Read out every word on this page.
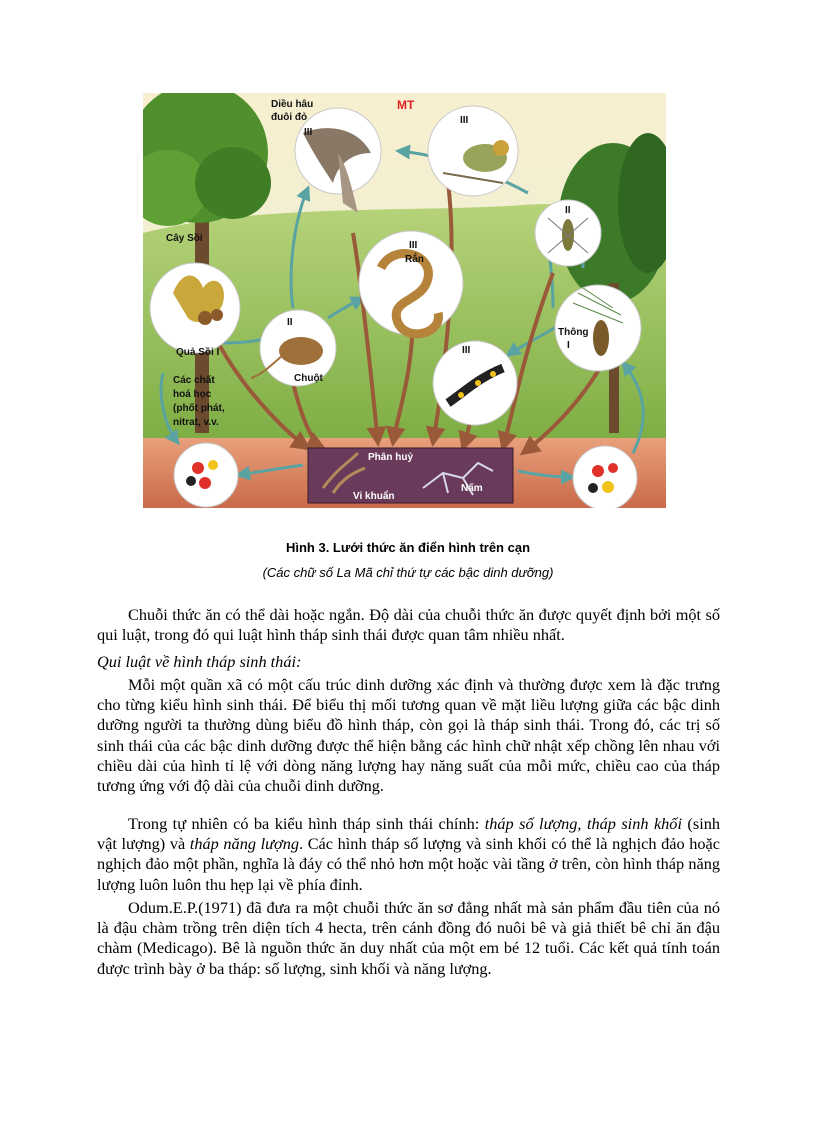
MT
Diều hâu
đuôi đỏ
III
III
II
Cây Sồi
III
Rắn
II
Chuột
Quả Sồi I
Thông
I
III
Các chất
hoá học
(phốt phát,
nitrat, v.v.
Phân huỷ
Vi khuẩn
Nấm
Hình 3. Lưới thức ăn điển hình trên cạn
(Các chữ số La Mã chỉ thứ tự các bậc dinh dưỡng)

Chuỗi thức ăn có thể dài hoặc ngắn. Độ dài của chuỗi thức ăn được quyết định bởi một số qui luật, trong đó qui luật hình tháp sinh thái được quan tâm nhiều nhất.

Qui luật về hình tháp sinh thái:

Mỗi một quần xã có một cấu trúc dinh dưỡng xác định và thường được xem là đặc trưng cho từng kiểu hình sinh thái. Để biểu thị mối tương quan về mặt liều lượng giữa các bậc dinh dưỡng người ta thường dùng biểu đồ hình tháp, còn gọi là tháp sinh thái. Trong đó, các trị số sinh thái của các bậc dinh dưỡng được thể hiện bằng các hình chữ nhật xếp chồng lên nhau với chiều dài của hình tỉ lệ với dòng năng lượng hay năng suất của mỗi mức, chiều cao của tháp tương ứng với độ dài của chuỗi dinh dưỡng.

Trong tự nhiên có ba kiểu hình tháp sinh thái chính: tháp số lượng, tháp sinh khối (sinh vật lượng) và tháp năng lượng. Các hình tháp số lượng và sinh khối có thể là nghịch đảo hoặc nghịch đảo một phần, nghĩa là đáy có thể nhỏ hơn một hoặc vài tầng ở trên, còn hình tháp năng lượng luôn luôn thu hẹp lại về phía đỉnh.

Odum.E.P.(1971) đã đưa ra một chuỗi thức ăn sơ đẳng nhất mà sản phẩm đầu tiên của nó là đậu chàm trồng trên diện tích 4 hecta, trên cánh đồng đó nuôi bê và giả thiết bê chỉ ăn đậu chàm (Medicago). Bê là nguồn thức ăn duy nhất của một em bé 12 tuổi. Các kết quả tính toán được trình bày ở ba tháp: số lượng, sinh khối và năng lượng.
